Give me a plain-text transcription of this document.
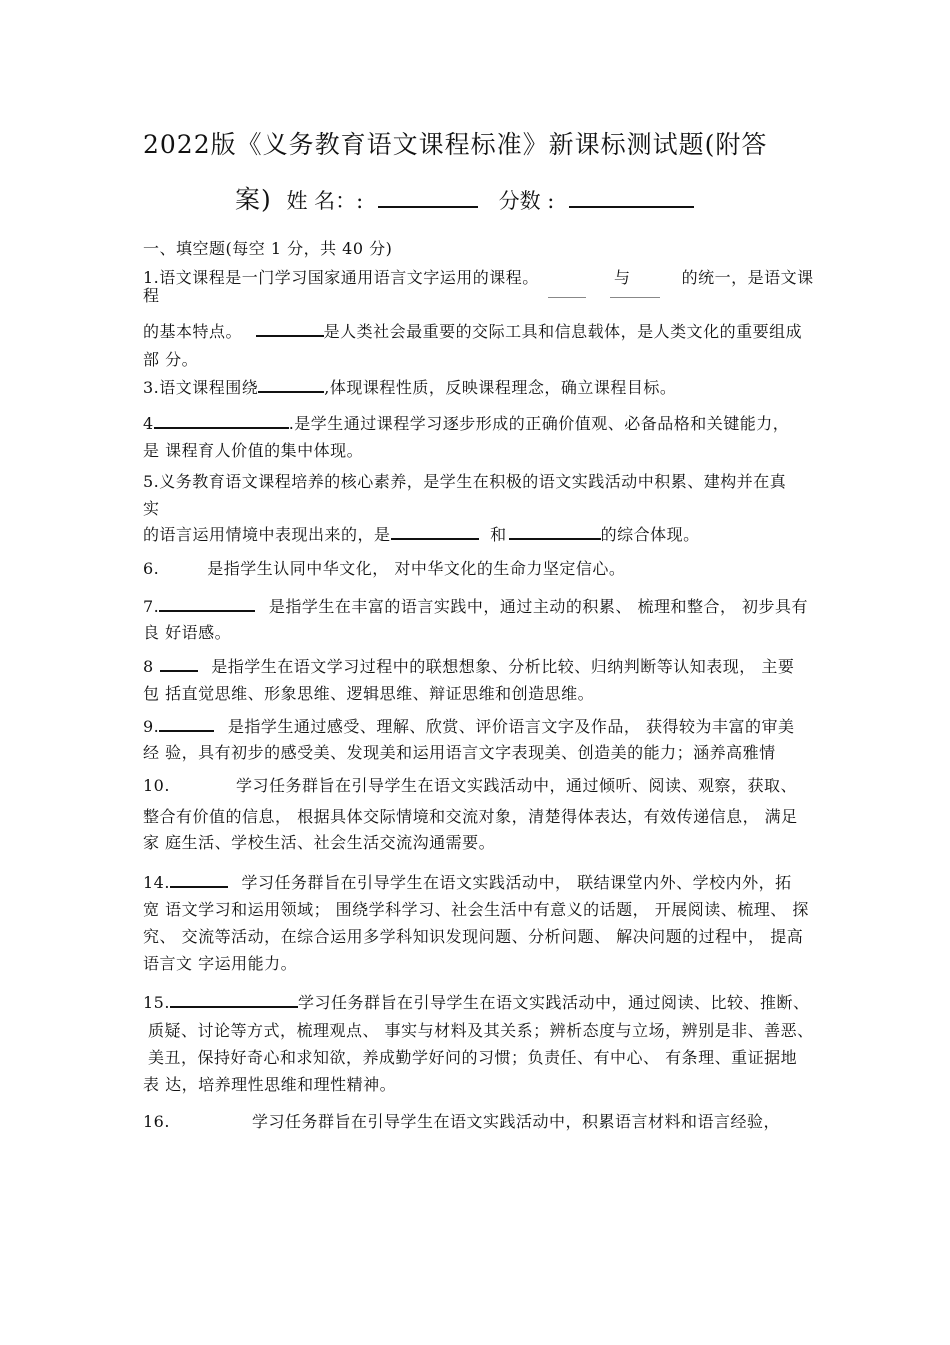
2022版《义务教育语文课程标准》新课标测试题(附答
案) 姓 名：:	分数 :
一、填空题(每空 1 分，共 40 分)
1.语文课程是一门学习国家通用语言文字运用的课程。	与	的统一，是语文课
程
的基本特点。	是人类社会最重要的交际工具和信息载体，是人类文化的重要组成
部 分。
3.语文课程围绕	,体现课程性质，反映课程理念，确立课程目标。
4	.是学生通过课程学习逐步形成的正确价值观、必备品格和关键能力，
是 课程育人价值的集中体现。
5.义务教育语文课程培养的核心素养，是学生在积极的语文实践活动中积累、建构并在真
实
的语言运用情境中表现出来的，是	和	的综合体现。
6.	是指学生认同中华文化， 对中华文化的生命力坚定信心。
7.	是指学生在丰富的语言实践中，通过主动的积累、 梳理和整合， 初步具有
良 好语感。
8	是指学生在语文学习过程中的联想想象、分析比较、归纳判断等认知表现， 主要
包 括直觉思维、形象思维、逻辑思维、辩证思维和创造思维。
9.	是指学生通过感受、理解、欣赏、评价语言文字及作品， 获得较为丰富的审美
经 验，具有初步的感受美、发现美和运用语言文字表现美、创造美的能力；涵养高雅情
10.	学习任务群旨在引导学生在语文实践活动中，通过倾听、阅读、观察，获取、
整合有价值的信息， 根据具体交际情境和交流对象，清楚得体表达，有效传递信息， 满足
家 庭生活、学校生活、社会生活交流沟通需要。
14.	学习任务群旨在引导学生在语文实践活动中， 联结课堂内外、学校内外，拓
宽 语文学习和运用领域； 围绕学科学习、社会生活中有意义的话题， 开展阅读、梳理、 探
究、 交流等活动，在综合运用多学科知识发现问题、分析问题、 解决问题的过程中， 提高
语言文 字运用能力。
15.	学习任务群旨在引导学生在语文实践活动中，通过阅读、比较、推断、
质疑、讨论等方式，梳理观点、 事实与材料及其关系；辨析态度与立场，辨别是非、善恶、
美丑，保持好奇心和求知欲，养成勤学好问的习惯；负责任、有中心、 有条理、重证据地
表 达，培养理性思维和理性精神。
16.	学习任务群旨在引导学生在语文实践活动中，积累语言材料和语言经验，
